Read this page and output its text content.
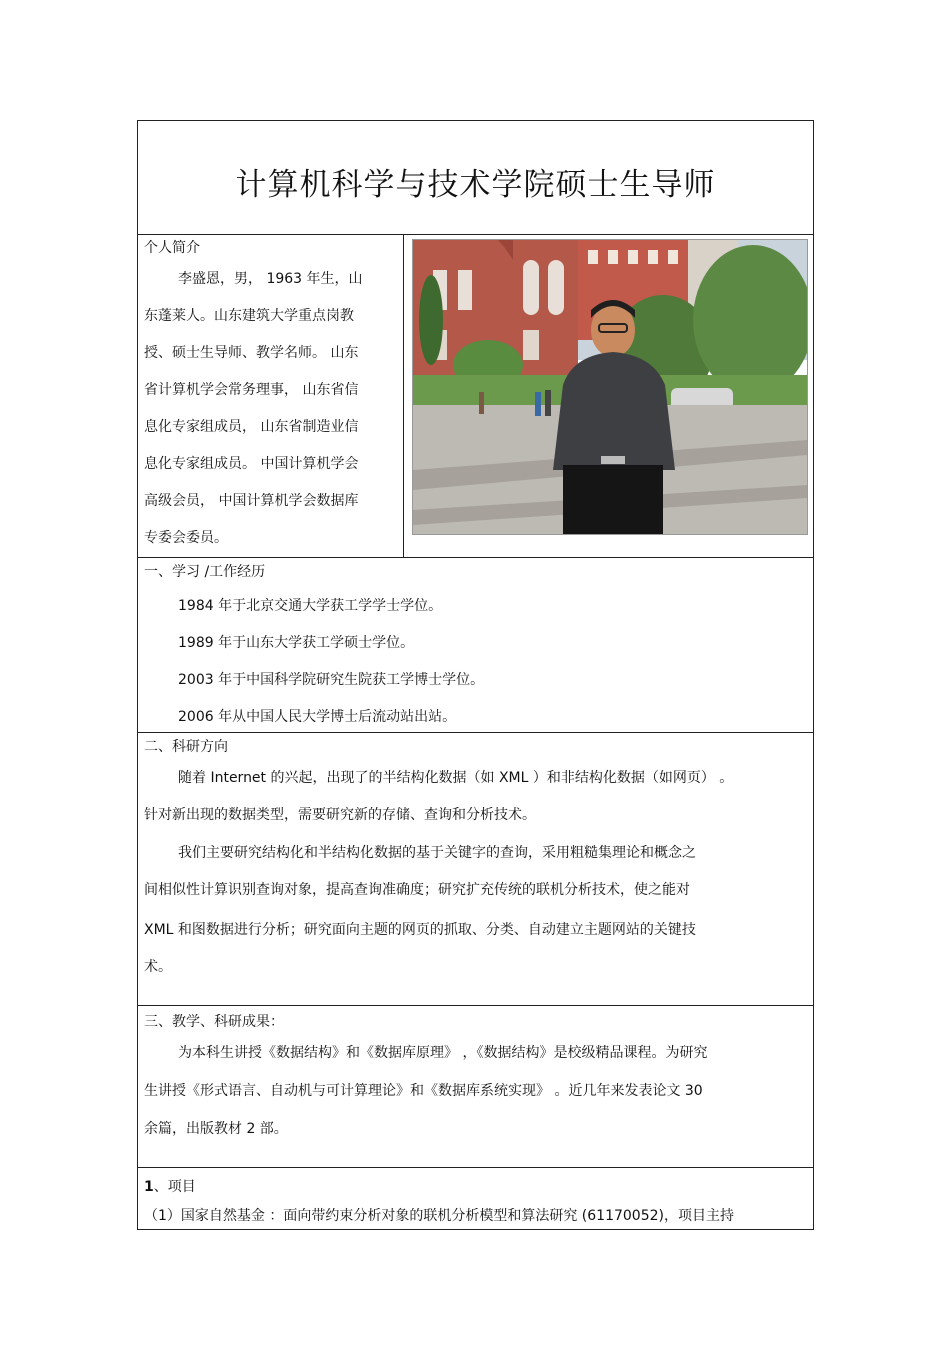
计算机科学与技术学院硕士生导师
个人简介
李盛恩，男， 1963 年生，山
东蓬莱人。山东建筑大学重点岗教
授、硕士生导师、教学名师。 山东
省计算机学会常务理事， 山东省信
息化专家组成员， 山东省制造业信
息化专家组成员。 中国计算机学会
高级会员， 中国计算机学会数据库
专委会委员。
一、学习 /工作经历
1984 年于北京交通大学获工学学士学位。
1989 年于山东大学获工学硕士学位。
2003 年于中国科学院研究生院获工学博士学位。
2006 年从中国人民大学博士后流动站出站。
二、科研方向
随着 Internet 的兴起，出现了的半结构化数据（如 XML ）和非结构化数据（如网页） 。
针对新出现的数据类型，需要研究新的存储、查询和分析技术。
我们主要研究结构化和半结构化数据的基于关键字的查询，采用粗糙集理论和概念之
间相似性计算识别查询对象，提高查询准确度；研究扩充传统的联机分析技术，使之能对
XML 和图数据进行分析；研究面向主题的网页的抓取、分类、自动建立主题网站的关键技
术。
三、教学、科研成果：
为本科生讲授《数据结构》和《数据库原理》 ，《数据结构》是校级精品课程。为研究
生讲授《形式语言、自动机与可计算理论》和《数据库系统实现》 。近几年来发表论文 30
余篇，出版教材 2 部。
1、项目
（1）国家自然基金 ：面向带约束分析对象的联机分析模型和算法研究 (61170052)，项目主持
